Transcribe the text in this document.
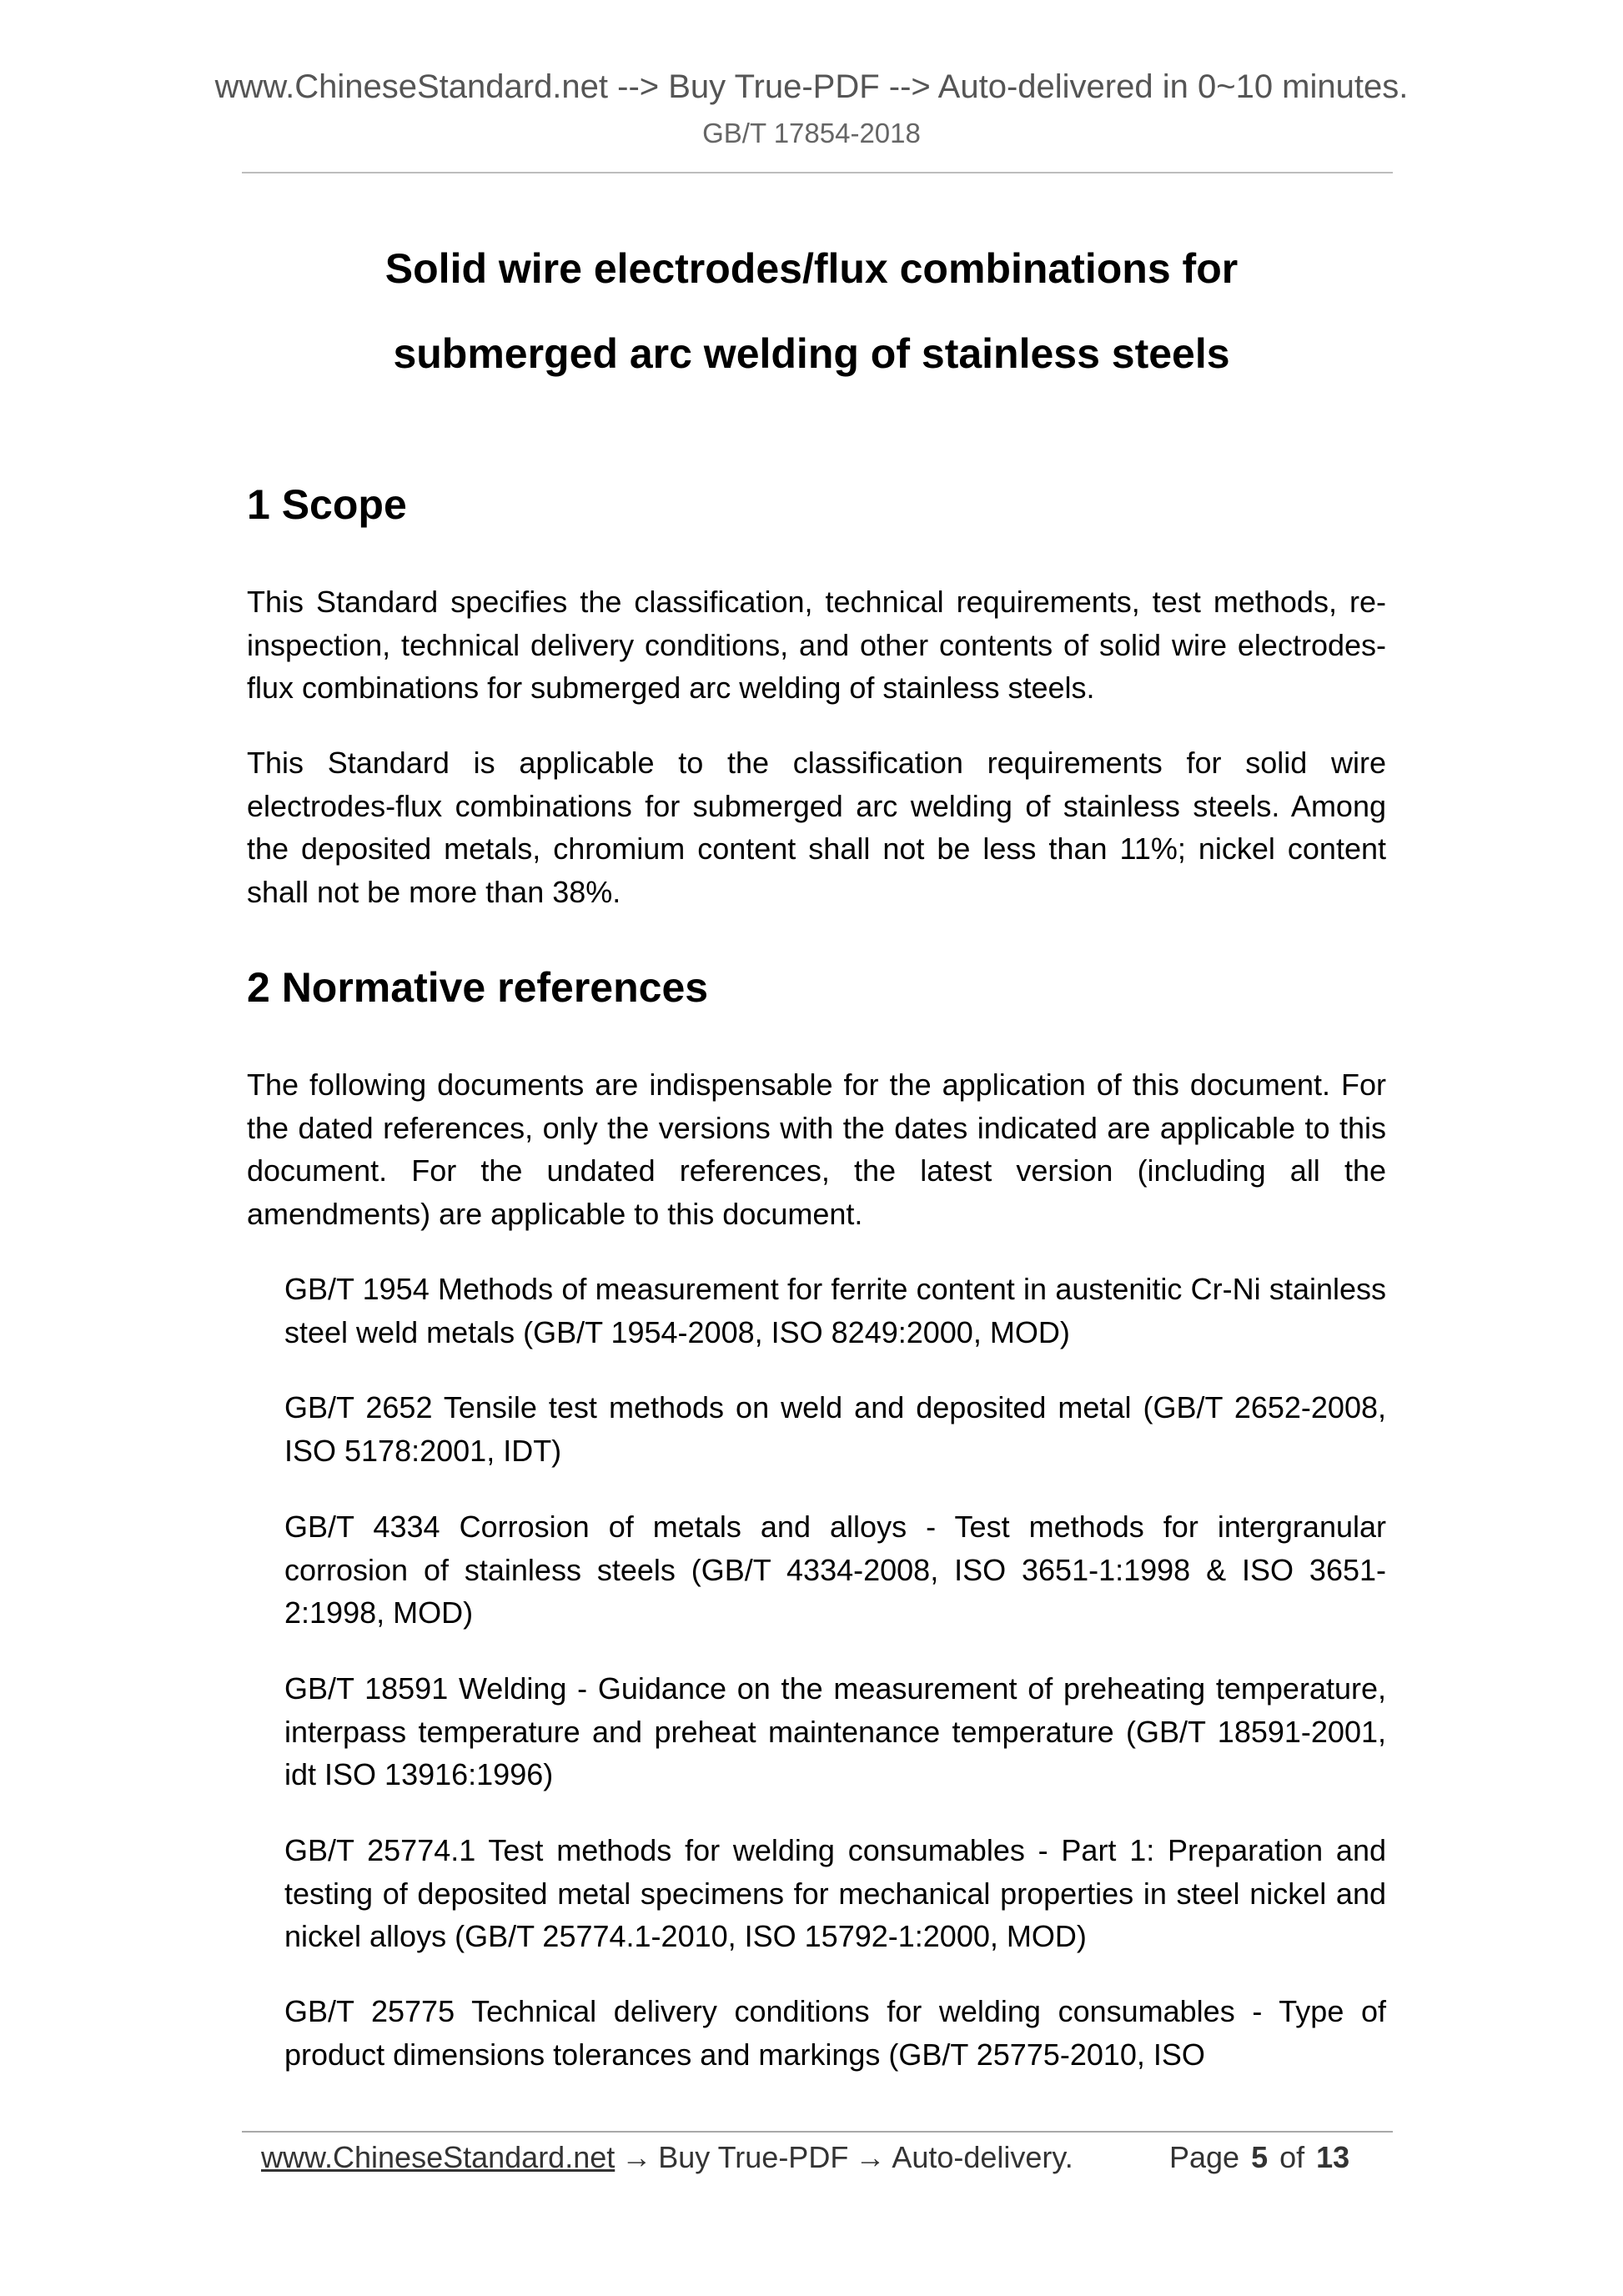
www.ChineseStandard.net --> Buy True-PDF --> Auto-delivered in 0~10 minutes.
GB/T 17854-2018
Solid wire electrodes/flux combinations for
submerged arc welding of stainless steels
1 Scope
This Standard specifies the classification, technical requirements, test methods, re-inspection, technical delivery conditions, and other contents of solid wire electrodes-flux combinations for submerged arc welding of stainless steels.
This Standard is applicable to the classification requirements for solid wire electrodes-flux combinations for submerged arc welding of stainless steels. Among the deposited metals, chromium content shall not be less than 11%; nickel content shall not be more than 38%.
2 Normative references
The following documents are indispensable for the application of this document. For the dated references, only the versions with the dates indicated are applicable to this document. For the undated references, the latest version (including all the amendments) are applicable to this document.
GB/T 1954 Methods of measurement for ferrite content in austenitic Cr-Ni stainless steel weld metals (GB/T 1954-2008, ISO 8249:2000, MOD)
GB/T 2652 Tensile test methods on weld and deposited metal (GB/T 2652-2008, ISO 5178:2001, IDT)
GB/T 4334 Corrosion of metals and alloys - Test methods for intergranular corrosion of stainless steels (GB/T 4334-2008, ISO 3651-1:1998 & ISO 3651-2:1998, MOD)
GB/T 18591 Welding - Guidance on the measurement of preheating temperature, interpass temperature and preheat maintenance temperature (GB/T 18591-2001, idt ISO 13916:1996)
GB/T 25774.1 Test methods for welding consumables - Part 1: Preparation and testing of deposited metal specimens for mechanical properties in steel nickel and nickel alloys (GB/T 25774.1-2010, ISO 15792-1:2000, MOD)
GB/T 25775 Technical delivery conditions for welding consumables - Type of product dimensions tolerances and markings (GB/T 25775-2010, ISO
www.ChineseStandard.net → Buy True-PDF → Auto-delivery.	Page 5 of 13
